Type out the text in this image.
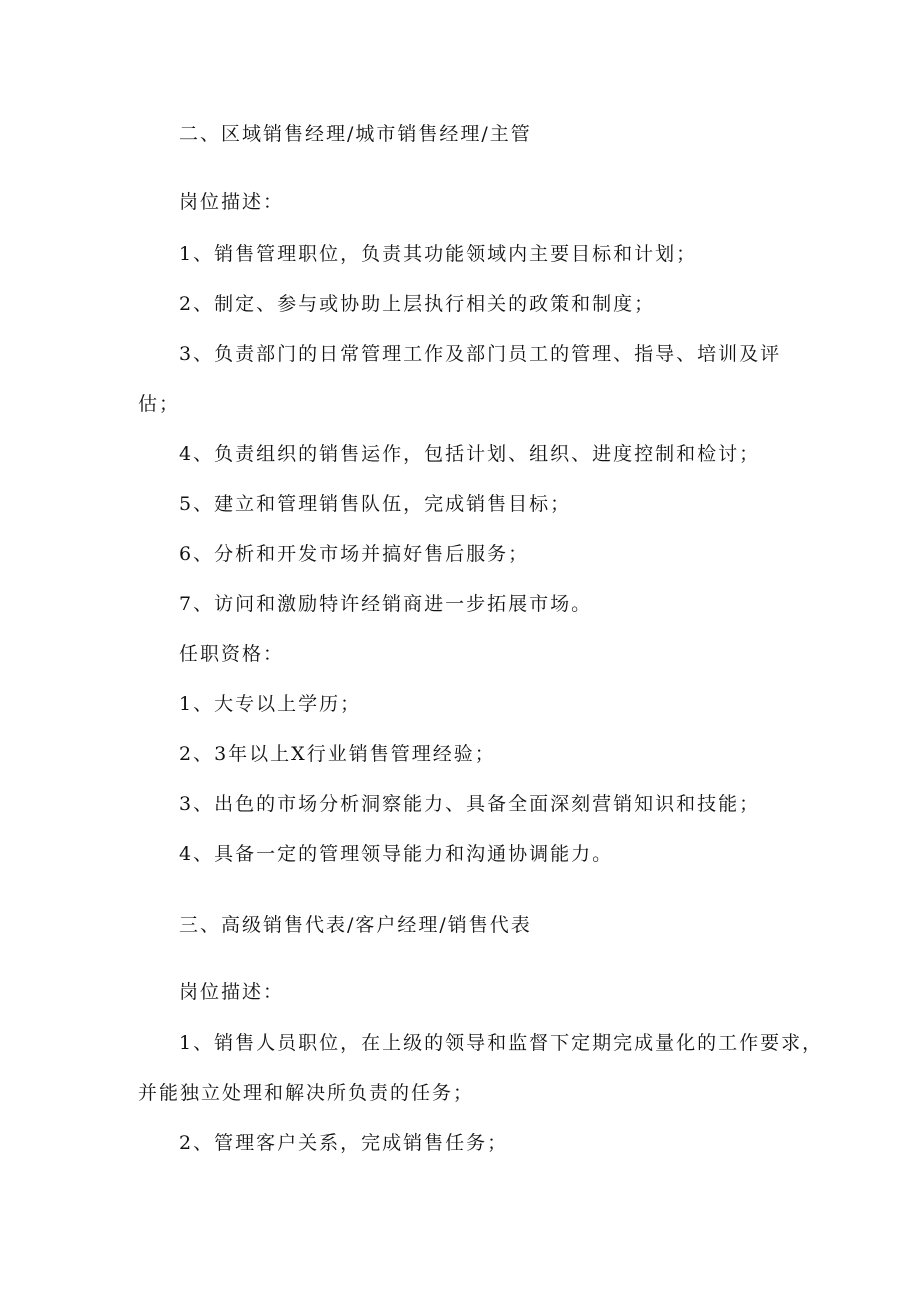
二、区域销售经理/城市销售经理/主管
岗位描述：
1、销售管理职位，负责其功能领域内主要目标和计划；
2、制定、参与或协助上层执行相关的政策和制度；
3、负责部门的日常管理工作及部门员工的管理、指导、培训及评
估；
4、负责组织的销售运作，包括计划、组织、进度控制和检讨；
5、建立和管理销售队伍，完成销售目标；
6、分析和开发市场并搞好售后服务；
7、访问和激励特许经销商进一步拓展市场。
任职资格：
1、大专以上学历；
2、3年以上X行业销售管理经验；
3、出色的市场分析洞察能力、具备全面深刻营销知识和技能；
4、具备一定的管理领导能力和沟通协调能力。
三、高级销售代表/客户经理/销售代表
岗位描述：
1、销售人员职位，在上级的领导和监督下定期完成量化的工作要求，
并能独立处理和解决所负责的任务；
2、管理客户关系，完成销售任务；
